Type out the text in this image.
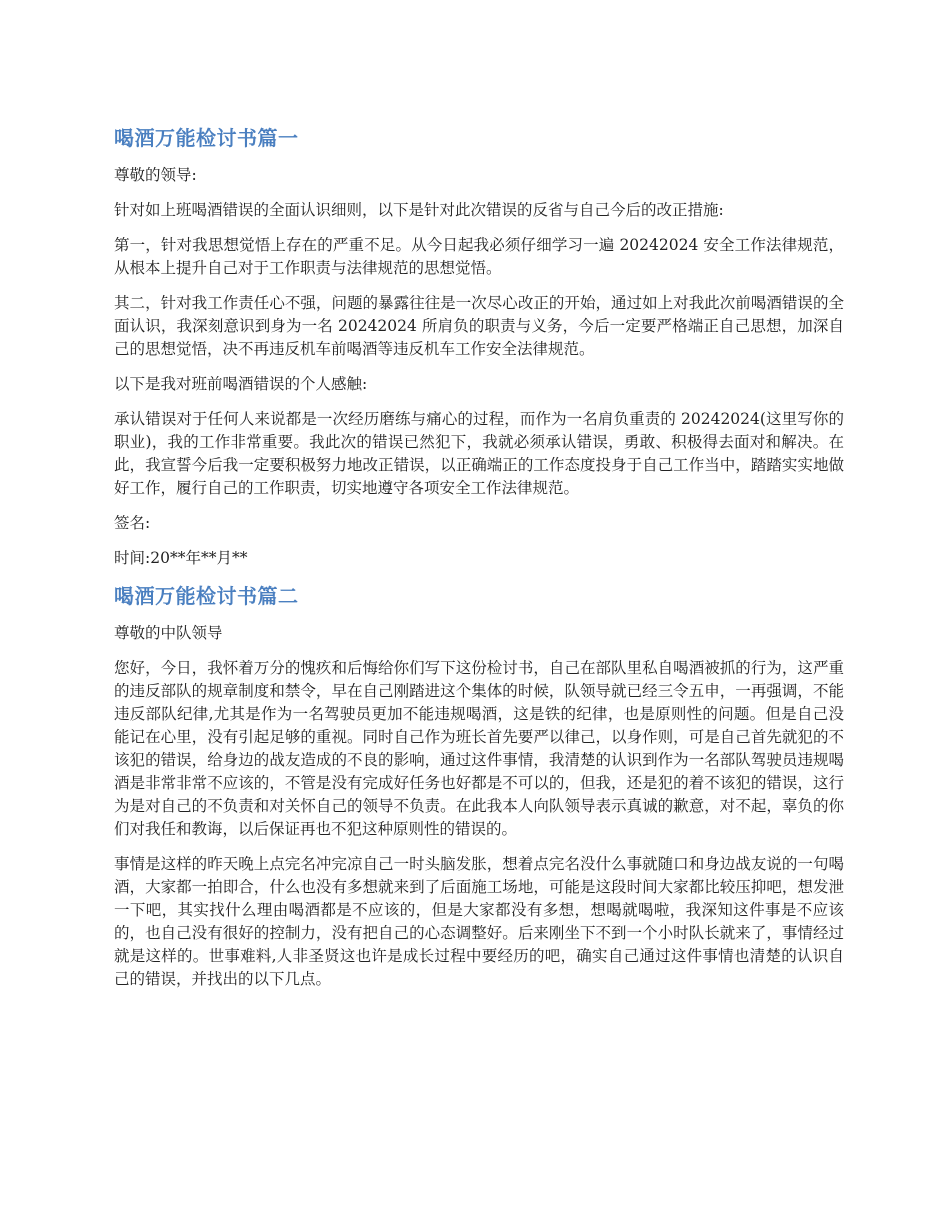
喝酒万能检讨书篇一

尊敬的领导:

针对如上班喝酒错误的全面认识细则，以下是针对此次错误的反省与自己今后的改正措施:

第一，针对我思想觉悟上存在的严重不足。从今日起我必须仔细学习一遍 20242024 安全工作法律规范，从根本上提升自己对于工作职责与法律规范的思想觉悟。

其二，针对我工作责任心不强，问题的暴露往往是一次尽心改正的开始，通过如上对我此次前喝酒错误的全面认识，我深刻意识到身为一名 20242024 所肩负的职责与义务，今后一定要严格端正自己思想，加深自己的思想觉悟，决不再违反机车前喝酒等违反机车工作安全法律规范。

以下是我对班前喝酒错误的个人感触:

承认错误对于任何人来说都是一次经历磨练与痛心的过程，而作为一名肩负重责的 20242024(这里写你的职业)，我的工作非常重要。我此次的错误已然犯下，我就必须承认错误，勇敢、积极得去面对和解决。在此，我宣誓今后我一定要积极努力地改正错误，以正确端正的工作态度投身于自己工作当中，踏踏实实地做好工作，履行自己的工作职责，切实地遵守各项安全工作法律规范。

签名:

时间:20**年**月**

喝酒万能检讨书篇二

尊敬的中队领导

您好，今日，我怀着万分的愧疚和后悔给你们写下这份检讨书，自己在部队里私自喝酒被抓的行为，这严重的违反部队的规章制度和禁令，早在自己刚踏进这个集体的时候，队领导就已经三令五申，一再强调，不能违反部队纪律,尤其是作为一名驾驶员更加不能违规喝酒，这是铁的纪律，也是原则性的问题。但是自己没能记在心里，没有引起足够的重视。同时自己作为班长首先要严以律己，以身作则，可是自己首先就犯的不该犯的错误，给身边的战友造成的不良的影响，通过这件事情，我清楚的认识到作为一名部队驾驶员违规喝酒是非常非常不应该的，不管是没有完成好任务也好都是不可以的，但我，还是犯的着不该犯的错误，这行为是对自己的不负责和对关怀自己的领导不负责。在此我本人向队领导表示真诚的歉意，对不起，辜负的你们对我任和教诲，以后保证再也不犯这种原则性的错误的。

事情是这样的昨天晚上点完名冲完凉自己一时头脑发胀，想着点完名没什么事就随口和身边战友说的一句喝酒，大家都一拍即合，什么也没有多想就来到了后面施工场地，可能是这段时间大家都比较压抑吧，想发泄一下吧，其实找什么理由喝酒都是不应该的，但是大家都没有多想，想喝就喝啦，我深知这件事是不应该的，也自己没有很好的控制力，没有把自己的心态调整好。后来刚坐下不到一个小时队长就来了，事情经过就是这样的。世事难料,人非圣贤这也许是成长过程中要经历的吧，确实自己通过这件事情也清楚的认识自己的错误，并找出的以下几点。
